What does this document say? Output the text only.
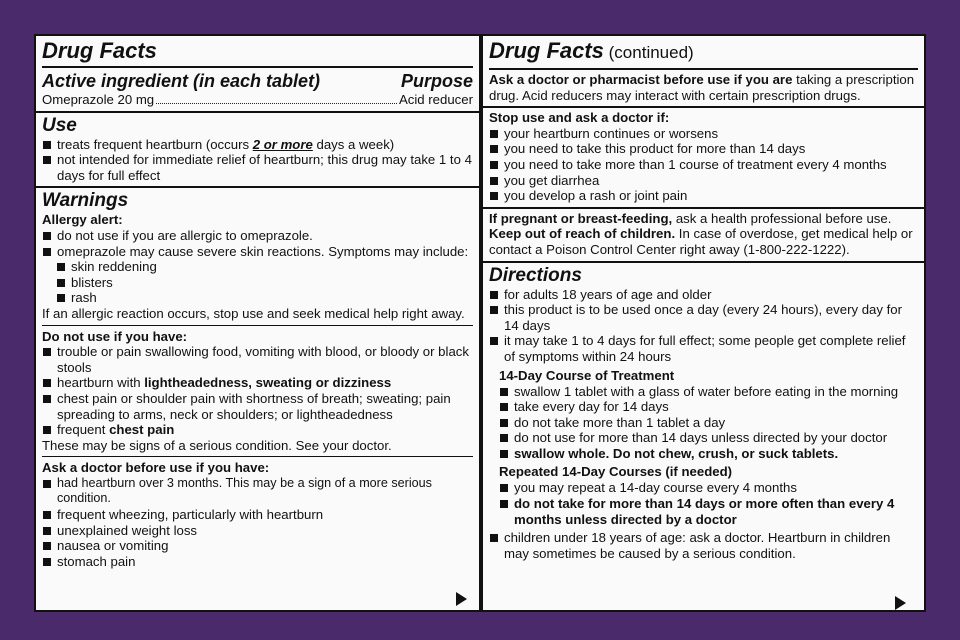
Drug Facts
Active ingredient (in each tablet)	Purpose
Omeprazole 20 mg	Acid reducer
Use
treats frequent heartburn (occurs 2 or more days a week)
not intended for immediate relief of heartburn; this drug may take 1 to 4 days for full effect
Warnings
Allergy alert:
do not use if you are allergic to omeprazole.
omeprazole may cause severe skin reactions. Symptoms may include:
skin reddening
blisters
rash
If an allergic reaction occurs, stop use and seek medical help right away.
Do not use if you have:
trouble or pain swallowing food, vomiting with blood, or bloody or black stools
heartburn with lightheadedness, sweating or dizziness
chest pain or shoulder pain with shortness of breath; sweating; pain spreading to arms, neck or shoulders; or lightheadedness
frequent chest pain
These may be signs of a serious condition. See your doctor.
Ask a doctor before use if you have:
had heartburn over 3 months. This may be a sign of a more serious condition.
frequent wheezing, particularly with heartburn
unexplained weight loss
nausea or vomiting
stomach pain
Drug Facts (continued)
Ask a doctor or pharmacist before use if you are taking a prescription drug. Acid reducers may interact with certain prescription drugs.
Stop use and ask a doctor if:
your heartburn continues or worsens
you need to take this product for more than 14 days
you need to take more than 1 course of treatment every 4 months
you get diarrhea
you develop a rash or joint pain
If pregnant or breast-feeding, ask a health professional before use.
Keep out of reach of children. In case of overdose, get medical help or contact a Poison Control Center right away (1-800-222-1222).
Directions
for adults 18 years of age and older
this product is to be used once a day (every 24 hours), every day for 14 days
it may take 1 to 4 days for full effect; some people get complete relief of symptoms within 24 hours
14-Day Course of Treatment
swallow 1 tablet with a glass of water before eating in the morning
take every day for 14 days
do not take more than 1 tablet a day
do not use for more than 14 days unless directed by your doctor
swallow whole. Do not chew, crush, or suck tablets.
Repeated 14-Day Courses (if needed)
you may repeat a 14-day course every 4 months
do not take for more than 14 days or more often than every 4 months unless directed by a doctor
children under 18 years of age: ask a doctor. Heartburn in children may sometimes be caused by a serious condition.
